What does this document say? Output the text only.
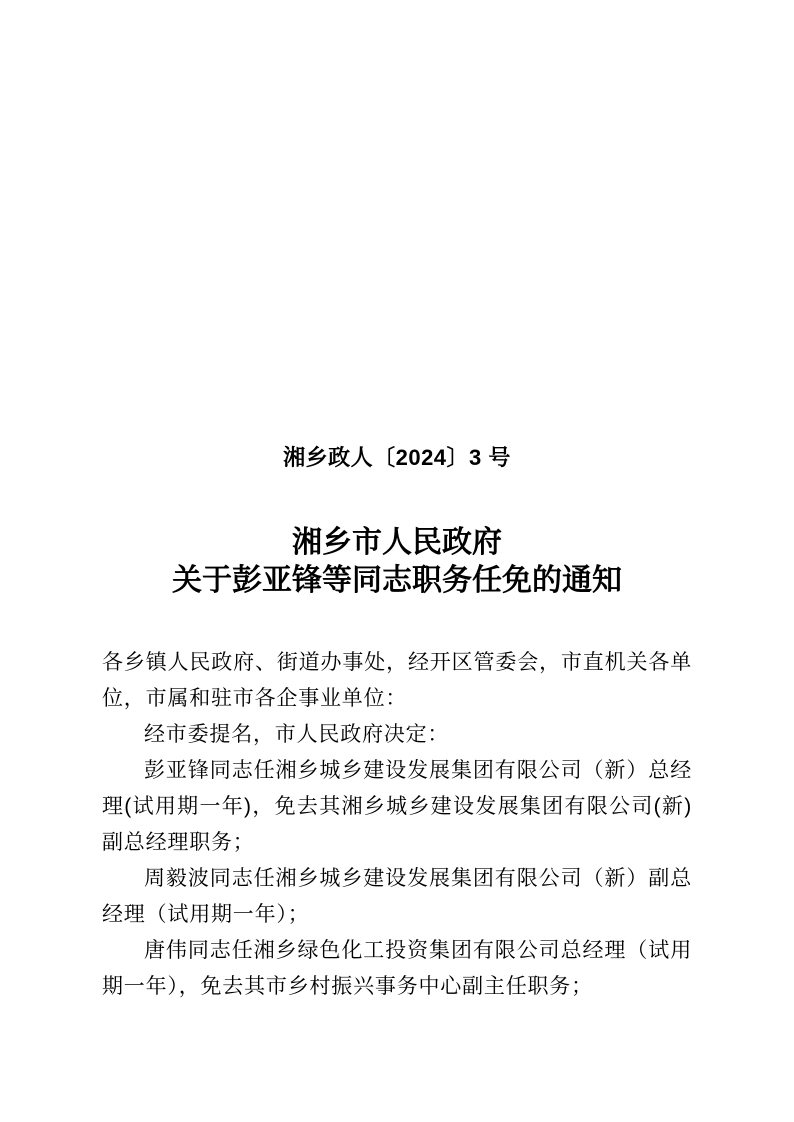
湘乡政人〔2024〕3 号
湘乡市人民政府
关于彭亚锋等同志职务任免的通知

各乡镇人民政府、街道办事处，经开区管委会，市直机关各单位，市属和驻市各企事业单位：

经市委提名，市人民政府决定：

彭亚锋同志任湘乡城乡建设发展集团有限公司（新）总经理(试用期一年)，免去其湘乡城乡建设发展集团有限公司(新)副总经理职务；

周毅波同志任湘乡城乡建设发展集团有限公司（新）副总经理（试用期一年）；

唐伟同志任湘乡绿色化工投资集团有限公司总经理（试用期一年），免去其市乡村振兴事务中心副主任职务；
